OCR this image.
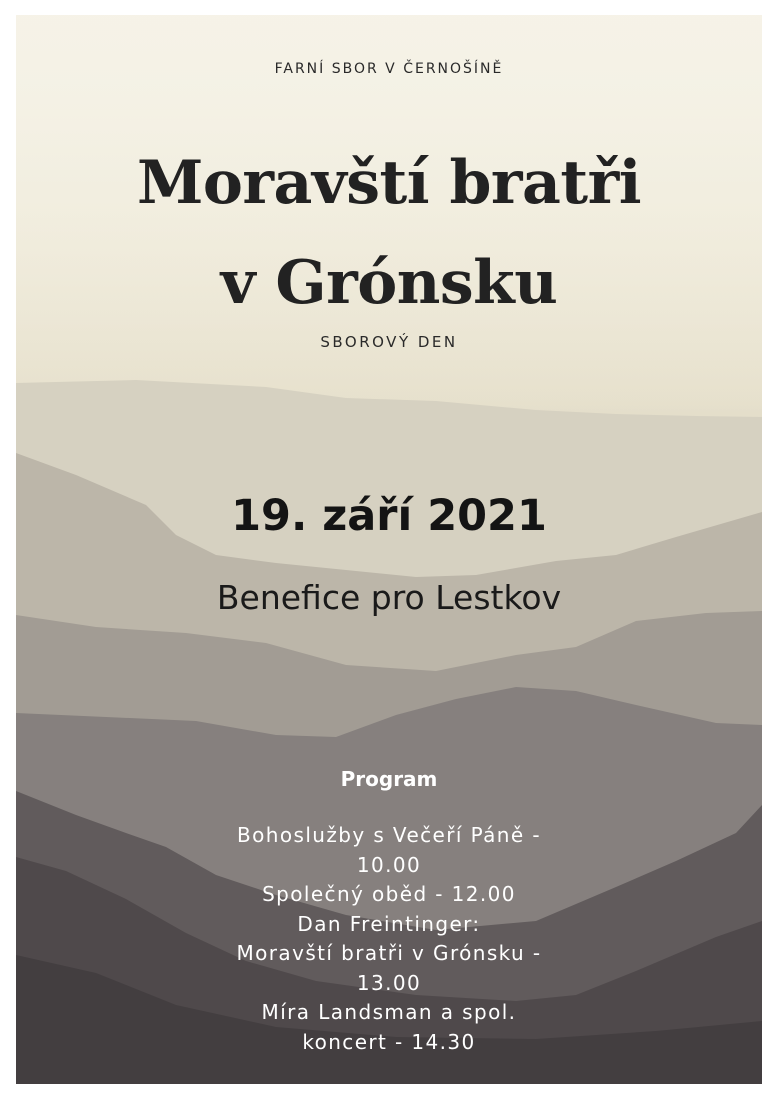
FARNÍ SBOR V ČERNOŠÍNĚ

Moravští bratři
v Grónsku

SBOROVÝ DEN

19. září 2021

Benefice pro Lestkov

Program

Bohoslužby s Večeří Páně -
10.00
Společný oběd - 12.00
Dan Freintinger:
Moravští bratři v Grónsku -
13.00
Míra Landsman a spol.
koncert - 14.30
